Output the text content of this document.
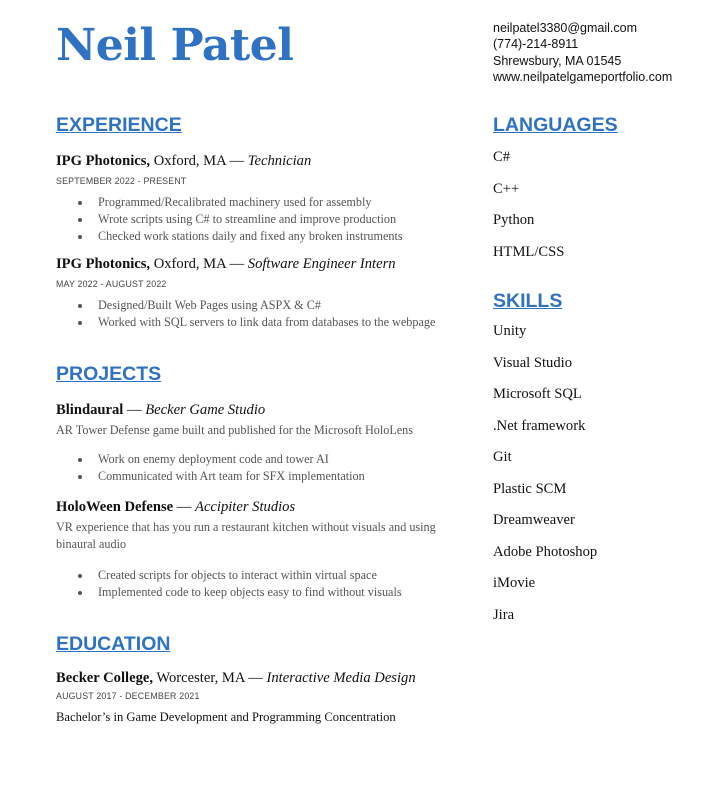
Neil Patel	neilpatel3380@gmail.com
(774)-214-8911
Shrewsbury, MA 01545
www.neilpatelgameportfolio.com
EXPERIENCE
IPG Photonics, Oxford, MA — Technician
SEPTEMBER 2022 - PRESENT
Programmed/Recalibrated machinery used for assembly
Wrote scripts using C# to streamline and improve production
Checked work stations daily and fixed any broken instruments
IPG Photonics, Oxford, MA — Software Engineer Intern
MAY 2022 - AUGUST 2022
Designed/Built Web Pages using ASPX & C#
Worked with SQL servers to link data from databases to the webpage
PROJECTS
Blindaural — Becker Game Studio
AR Tower Defense game built and published for the Microsoft HoloLens
Work on enemy deployment code and tower AI
Communicated with Art team for SFX implementation
HoloWeen Defense — Accipiter Studios
VR experience that has you run a restaurant kitchen without visuals and using binaural audio
Created scripts for objects to interact within virtual space
Implemented code to keep objects easy to find without visuals
EDUCATION
Becker College, Worcester, MA — Interactive Media Design
AUGUST 2017 - DECEMBER 2021
Bachelor’s in Game Development and Programming Concentration
LANGUAGES
C#
C++
Python
HTML/CSS
SKILLS
Unity
Visual Studio
Microsoft SQL
.Net framework
Git
Plastic SCM
Dreamweaver
Adobe Photoshop
iMovie
Jira
